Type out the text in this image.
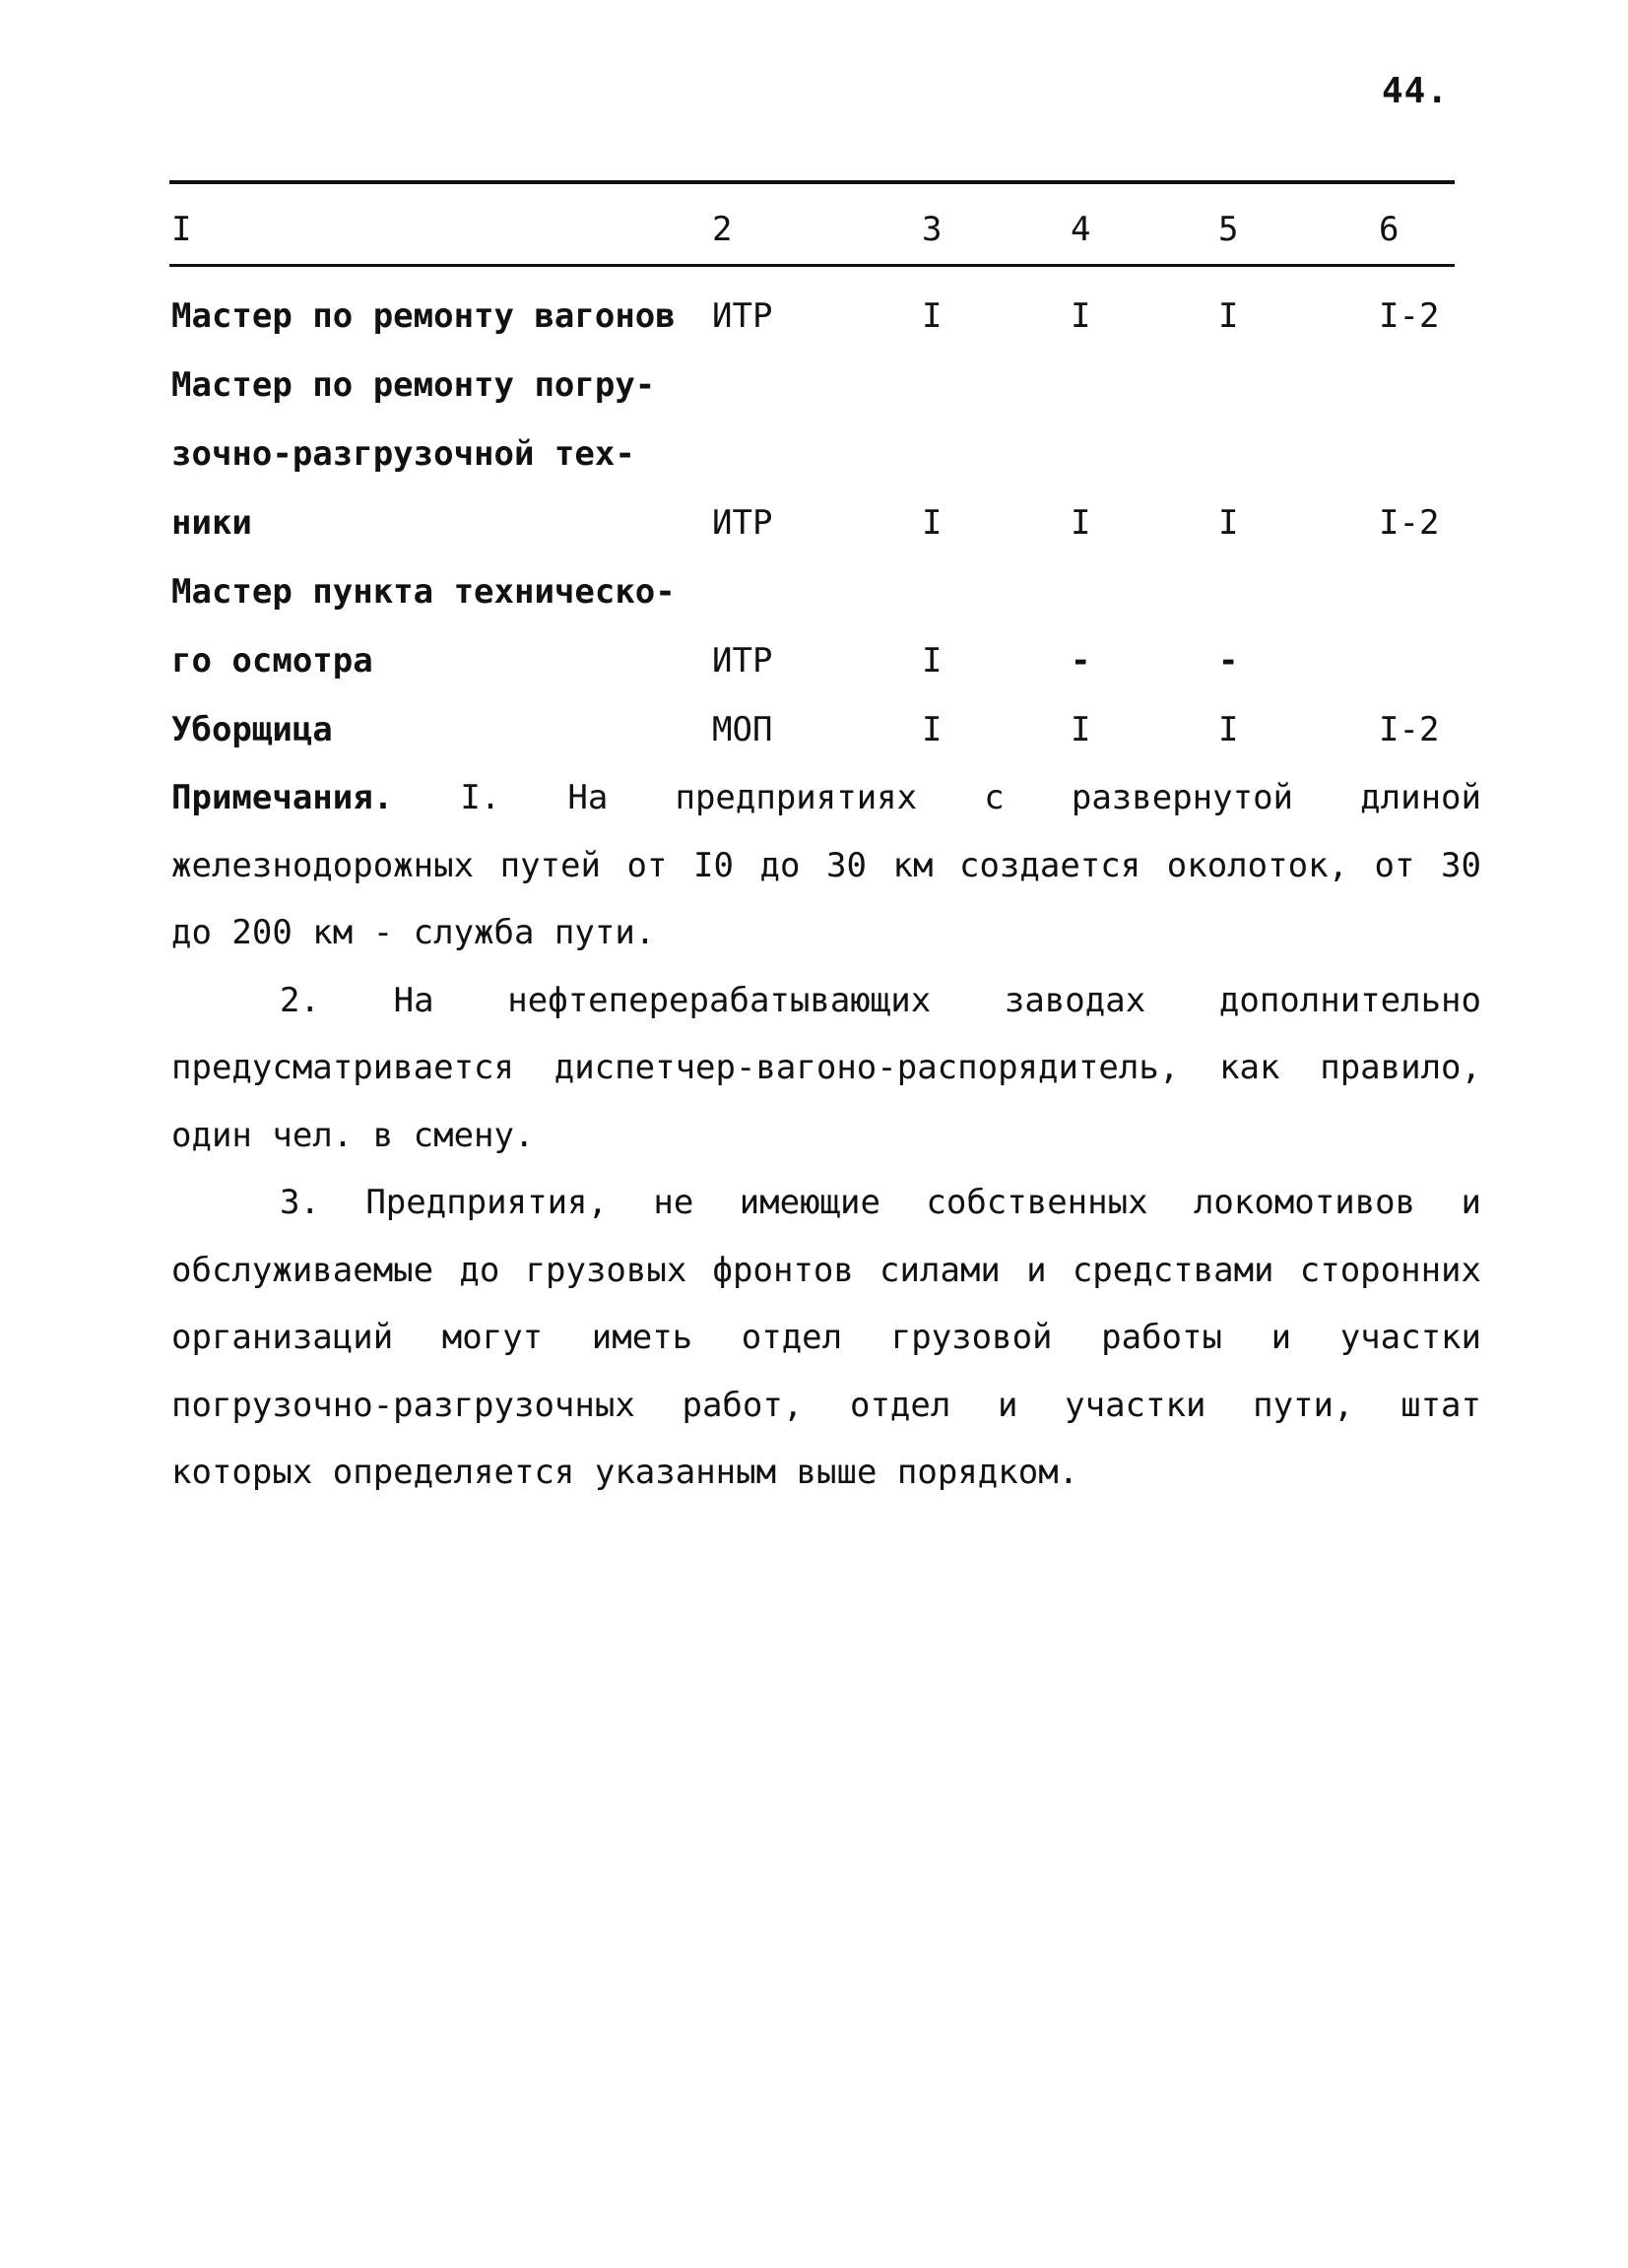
44.
I	2	3	4	5	6
Мастер по ремонту вагонов ИТР	I	I	I	I-2
Мастер по ремонту погру-
зочно-разгрузочной тех-
ники	ИТР	I	I	I	I-2
Мастер пункта техническо-
го осмотра	ИТР	I	-	-
Уборщица	МОП	I	I	I	I-2

Примечания. I. На предприятиях с развернутой длиной железнодорожных путей от I0 до 30 км создается околоток, от 30 до 200 км - служба пути.

2. На нефтеперерабатывающих заводах дополнительно предусматривается диспетчер-вагоно-распорядитель, как правило, один чел. в смену.

3. Предприятия, не имеющие собственных локомотивов и обслуживаемые до грузовых фронтов силами и средствами сторонних организаций могут иметь отдел грузовой работы и участки погрузочно-разгрузочных работ, отдел и участки пути, штат которых определяется указанным выше порядком.
